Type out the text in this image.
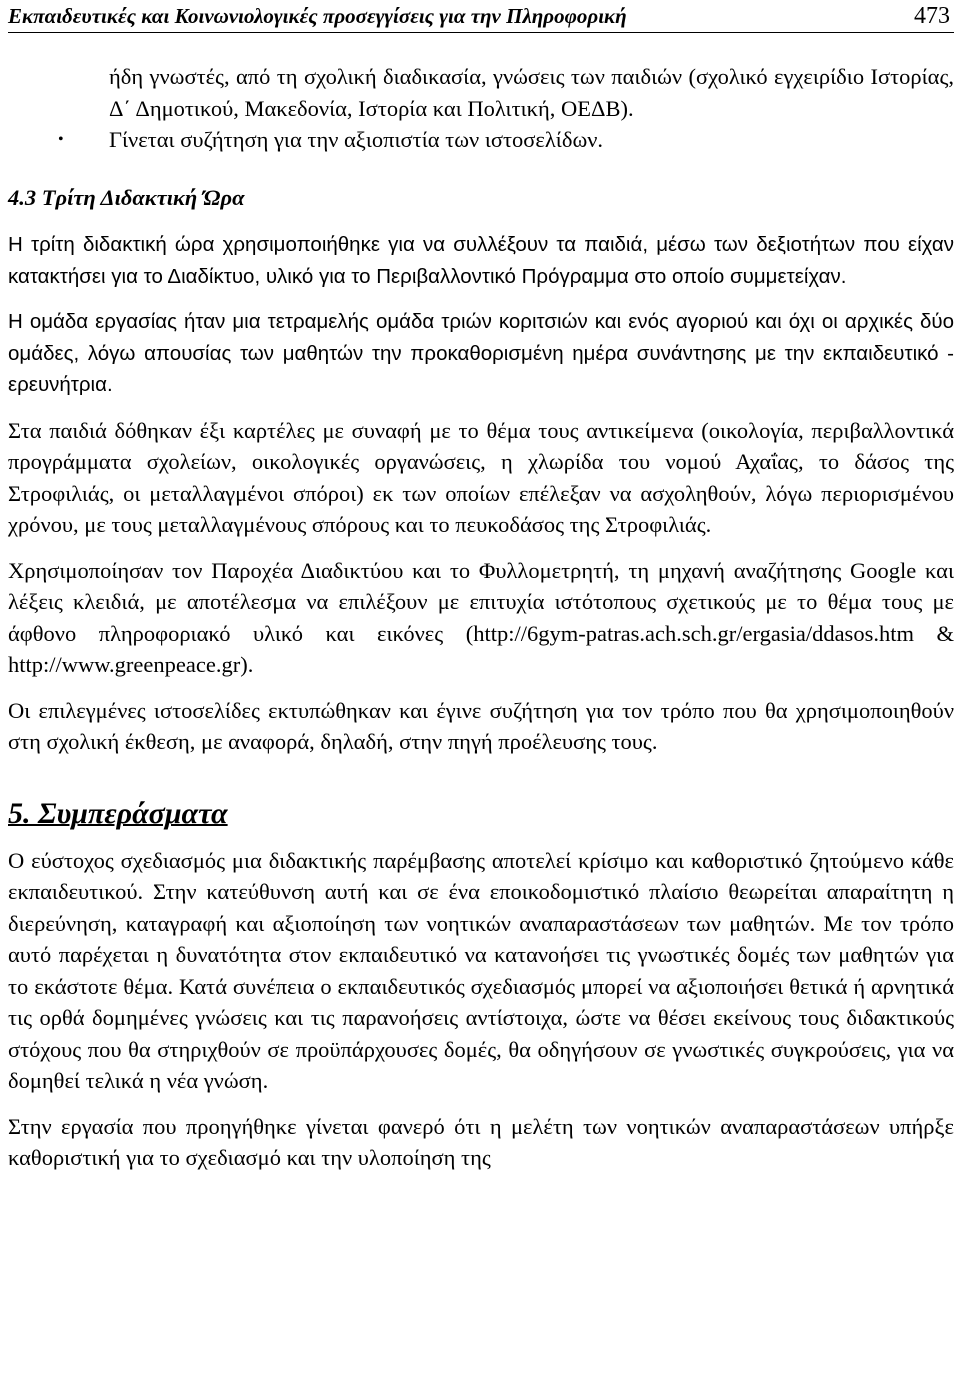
Εκπαιδευτικές και Κοινωνιολογικές προσεγγίσεις για την Πληροφορική	473

ήδη γνωστές, από τη σχολική διαδικασία, γνώσεις των παιδιών (σχολικό εγχειρίδιο Ιστορίας, Δ΄ Δημοτικού, Μακεδονία, Ιστορία και Πολιτική, ΟΕΔΒ).

• Γίνεται συζήτηση για την αξιοπιστία των ιστοσελίδων.

4.3 Τρίτη Διδακτική Ώρα

Η τρίτη διδακτική ώρα χρησιμοποιήθηκε για να συλλέξουν τα παιδιά, μέσω των δεξιοτήτων που είχαν κατακτήσει για το Διαδίκτυο, υλικό για το Περιβαλλοντικό Πρόγραμμα στο οποίο συμμετείχαν.

Η ομάδα εργασίας ήταν μια τετραμελής ομάδα τριών κοριτσιών και ενός αγοριού και όχι οι αρχικές δύο ομάδες, λόγω απουσίας των μαθητών την προκαθορισμένη ημέρα συνάντησης με την εκπαιδευτικό - ερευνήτρια.

Στα παιδιά δόθηκαν έξι καρτέλες με συναφή με το θέμα τους αντικείμενα (οικολογία, περιβαλλοντικά προγράμματα σχολείων, οικολογικές οργανώσεις, η χλωρίδα του νομού Αχαΐας, το δάσος της Στροφιλιάς, οι μεταλλαγμένοι σπόροι) εκ των οποίων επέλεξαν να ασχοληθούν, λόγω περιορισμένου χρόνου, με τους μεταλλαγμένους σπόρους και το πευκοδάσος της Στροφιλιάς.

Χρησιμοποίησαν τον Παροχέα Διαδικτύου και το Φυλλομετρητή, τη μηχανή αναζήτησης Google και λέξεις κλειδιά, με αποτέλεσμα να επιλέξουν με επιτυχία ιστότοπους σχετικούς με το θέμα τους με άφθονο πληροφοριακό υλικό και εικόνες (http://6gym-patras.ach.sch.gr/ergasia/ddasos.htm & http://www.greenpeace.gr).

Οι επιλεγμένες ιστοσελίδες εκτυπώθηκαν και έγινε συζήτηση για τον τρόπο που θα χρησιμοποιηθούν στη σχολική έκθεση, με αναφορά, δηλαδή, στην πηγή προέλευσης τους.

5. Συμπεράσματα

Ο εύστοχος σχεδιασμός μια διδακτικής παρέμβασης αποτελεί κρίσιμο και καθοριστικό ζητούμενο κάθε εκπαιδευτικού. Στην κατεύθυνση αυτή και σε ένα εποικοδομιστικό πλαίσιο θεωρείται απαραίτητη η διερεύνηση, καταγραφή και αξιοποίηση των νοητικών αναπαραστάσεων των μαθητών. Με τον τρόπο αυτό παρέχεται η δυνατότητα στον εκπαιδευτικό να κατανοήσει τις γνωστικές δομές των μαθητών για το εκάστοτε θέμα. Κατά συνέπεια ο εκπαιδευτικός σχεδιασμός μπορεί να αξιοποιήσει θετικά ή αρνητικά τις ορθά δομημένες γνώσεις και τις παρανοήσεις αντίστοιχα, ώστε να θέσει εκείνους τους διδακτικούς στόχους που θα στηριχθούν σε προϋπάρχουσες δομές, θα οδηγήσουν σε γνωστικές συγκρούσεις, για να δομηθεί τελικά η νέα γνώση.

Στην εργασία που προηγήθηκε γίνεται φανερό ότι η μελέτη των νοητικών αναπαραστάσεων υπήρξε καθοριστική για το σχεδιασμό και την υλοποίηση της
